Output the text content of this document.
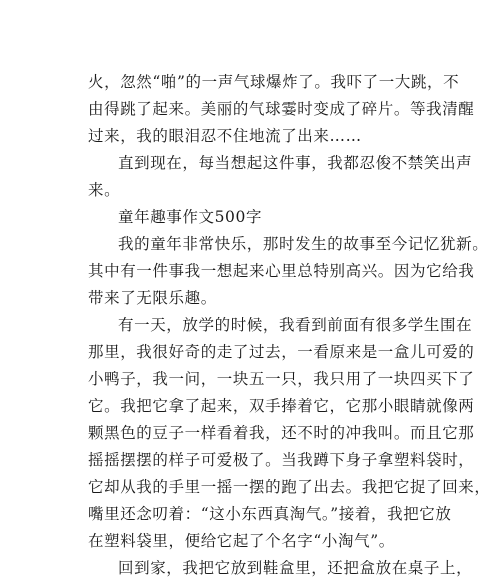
火，忽然“啪”的一声气球爆炸了。我吓了一大跳，不
由得跳了起来。美丽的气球霎时变成了碎片。等我清醒
过来，我的眼泪忍不住地流了出来……
直到现在，每当想起这件事，我都忍俊不禁笑出声
来。
童年趣事作文500字
我的童年非常快乐，那时发生的故事至今记忆犹新。
其中有一件事我一想起来心里总特别高兴。因为它给我
带来了无限乐趣。
有一天，放学的时候，我看到前面有很多学生围在
那里，我很好奇的走了过去，一看原来是一盒儿可爱的
小鸭子，我一问，一块五一只，我只用了一块四买下了
它。我把它拿了起来，双手捧着它，它那小眼睛就像两
颗黑色的豆子一样看着我，还不时的冲我叫。而且它那
摇摇摆摆的样子可爱极了。当我蹲下身子拿塑料袋时，
它却从我的手里一摇一摆的跑了出去。我把它捉了回来，
嘴里还念叨着：“这小东西真淘气。”接着，我把它放
在塑料袋里，便给它起了个名字“小淘气”。
回到家，我把它放到鞋盒里，还把盒放在桌子上，
